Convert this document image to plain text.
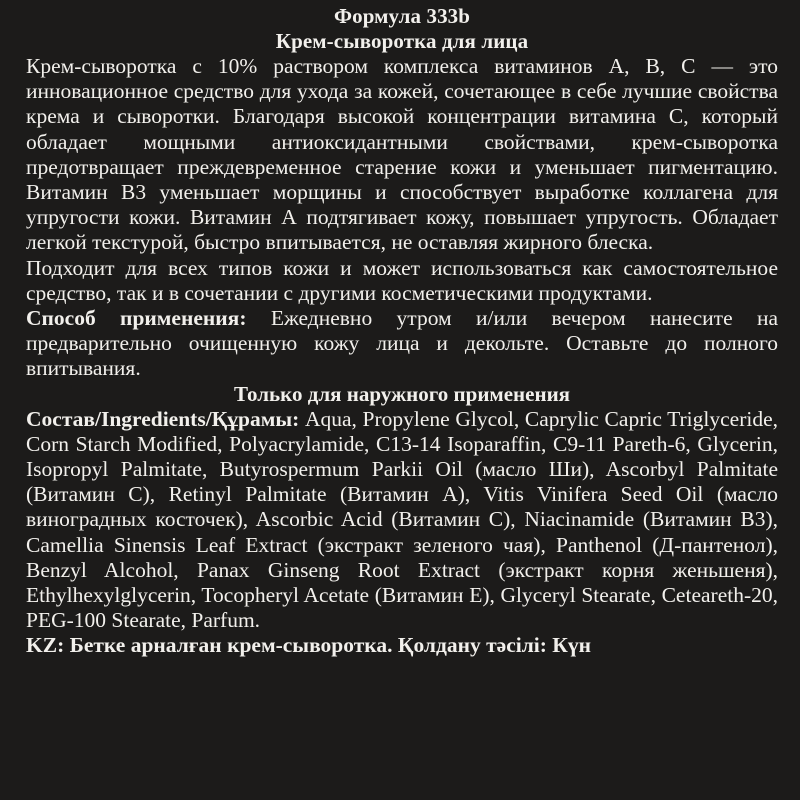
Формула 333b

Крем-сыворотка для лица

Крем-сыворотка с 10% раствором комплекса витаминов А, В, С — это инновационное средство для ухода за кожей, сочетающее в себе лучшие свойства крема и сыворотки. Благодаря высокой концентрации витамина С, который обладает мощными антиоксидантными свойствами, крем-сыворотка предотвращает преждевременное старение кожи и уменьшает пигментацию. Витамин В3 уменьшает морщины и способствует выработке коллагена для упругости кожи. Витамин А подтягивает кожу, повышает упругость. Обладает легкой текстурой, быстро впитывается, не оставляя жирного блеска.

Подходит для всех типов кожи и может использоваться как самостоятельное средство, так и в сочетании с другими косметическими продуктами.

Способ применения: Ежедневно утром и/или вечером нанесите на предварительно очищенную кожу лица и декольте. Оставьте до полного впитывания.

Только для наружного применения

Состав/Ingredients/Құрамы: Aqua, Propylene Glycol, Caprylic Capric Triglyceride, Corn Starch Modified, Polyacrylamide, C13-14 Isoparaffin, C9-11 Pareth-6, Glycerin, Isopropyl Palmitate, Butyrospermum Parkii Oil (масло Ши), Ascorbyl Palmitate (Витамин С), Retinyl Palmitate (Витамин А), Vitis Vinifera Seed Oil (масло виноградных косточек), Ascorbic Acid (Витамин С), Niacinamide (Витамин В3), Camellia Sinensis Leaf Extract (экстракт зеленого чая), Panthenol (Д-пантенол), Benzyl Alcohol, Panax Ginseng Root Extract (экстракт корня женьшеня), Ethylhexylglycerin, Tocopheryl Acetate (Витамин Е), Glyceryl Stearate, Ceteareth-20, PEG-100 Stearate, Parfum.

KZ: Бетке арналған крем-сыворотка. Қолдану тәсілі: Күн
